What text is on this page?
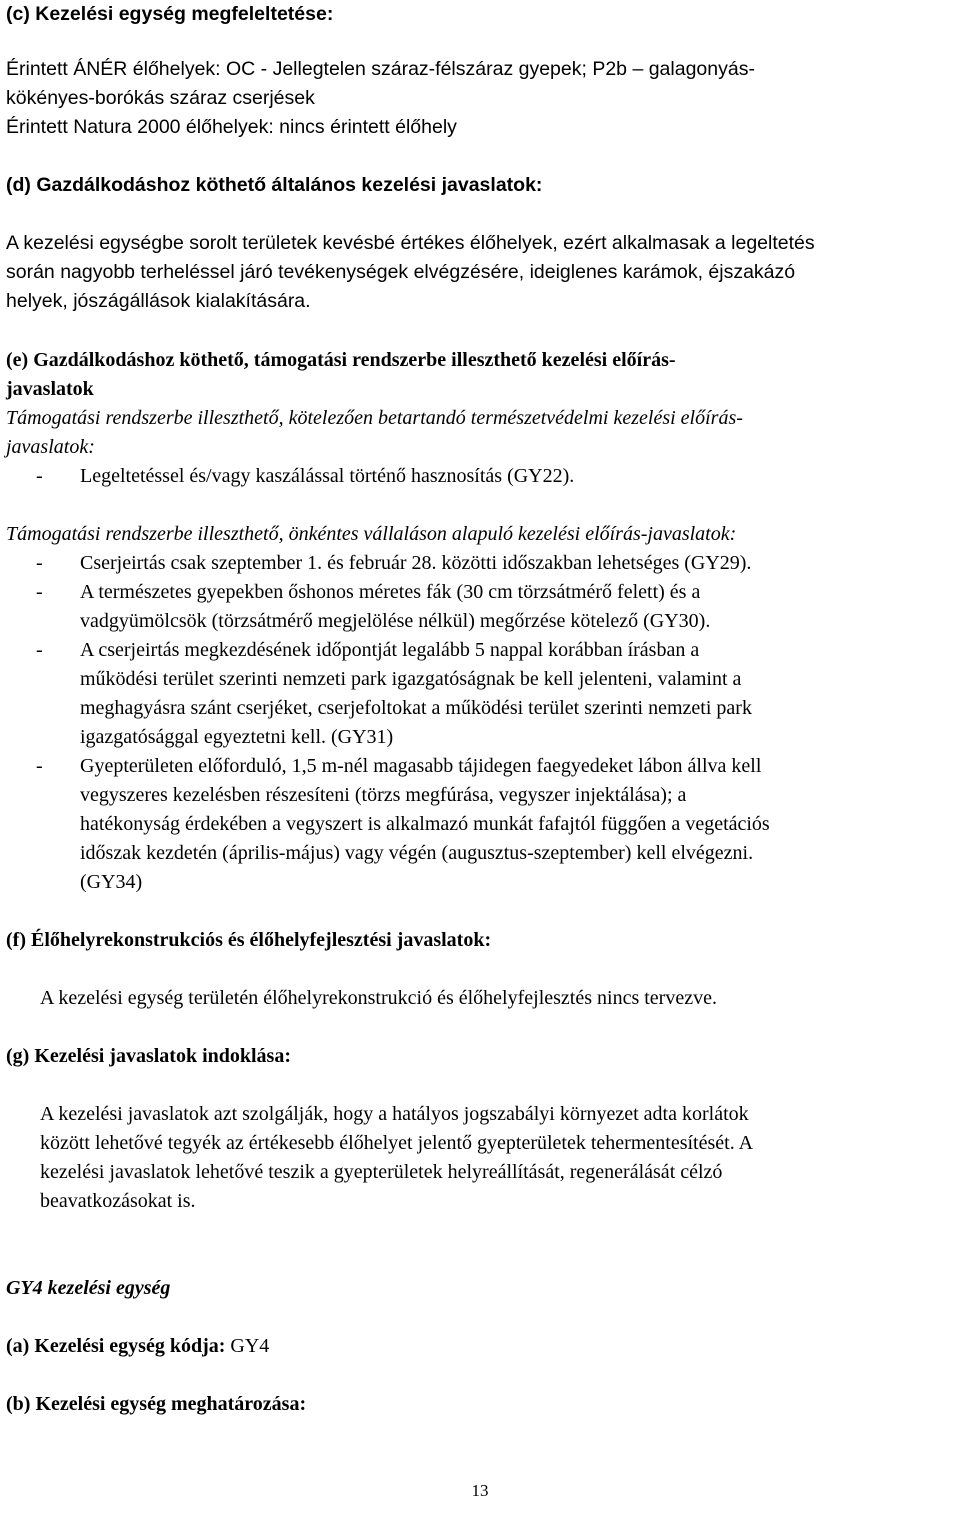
(c) Kezelési egység megfeleltetése:
Érintett ÁNÉR élőhelyek: OC - Jellegtelen száraz-félszáraz gyepek; P2b – galagonyás-
kökényes-borókás száraz cserjések
Érintett Natura 2000 élőhelyek: nincs érintett élőhely
(d) Gazdálkodáshoz köthető általános kezelési javaslatok:
A kezelési egységbe sorolt területek kevésbé értékes élőhelyek, ezért alkalmasak a legeltetés
során nagyobb terheléssel járó tevékenységek elvégzésére, ideiglenes karámok, éjszakázó
helyek, jószágállások kialakítására.
(e) Gazdálkodáshoz köthető, támogatási rendszerbe illeszthető kezelési előírás-
javaslatok
Támogatási rendszerbe illeszthető, kötelezően betartandó természetvédelmi kezelési előírás-
javaslatok:
- Legeltetéssel és/vagy kaszálással történő hasznosítás (GY22).
Támogatási rendszerbe illeszthető, önkéntes vállaláson alapuló kezelési előírás-javaslatok:
- Cserjeirtás csak szeptember 1. és február 28. közötti időszakban lehetséges (GY29).
- A természetes gyepekben őshonos méretes fák (30 cm törzsátmérő felett) és a
vadgyümölcsök (törzsátmérő megjelölése nélkül) megőrzése kötelező (GY30).
- A cserjeirtás megkezdésének időpontját legalább 5 nappal korábban írásban a
működési terület szerinti nemzeti park igazgatóságnak be kell jelenteni, valamint a
meghagyásra szánt cserjéket, cserjefoltokat a működési terület szerinti nemzeti park
igazgatósággal egyeztetni kell. (GY31)
- Gyepterületen előforduló, 1,5 m-nél magasabb tájidegen faegyedeket lábon állva kell
vegyszeres kezelésben részesíteni (törzs megfúrása, vegyszer injektálása); a
hatékonyság érdekében a vegyszert is alkalmazó munkát fafajtól függően a vegetációs
időszak kezdetén (április-május) vagy végén (augusztus-szeptember) kell elvégezni.
(GY34)
(f) Élőhelyrekonstrukciós és élőhelyfejlesztési javaslatok:
A kezelési egység területén élőhelyrekonstrukció és élőhelyfejlesztés nincs tervezve.
(g) Kezelési javaslatok indoklása:
A kezelési javaslatok azt szolgálják, hogy a hatályos jogszabályi környezet adta korlátok
között lehetővé tegyék az értékesebb élőhelyet jelentő gyepterületek tehermentesítését. A
kezelési javaslatok lehetővé teszik a gyepterületek helyreállítását, regenerálását célzó
beavatkozásokat is.
GY4 kezelési egység
(a) Kezelési egység kódja: GY4
(b) Kezelési egység meghatározása:
13
